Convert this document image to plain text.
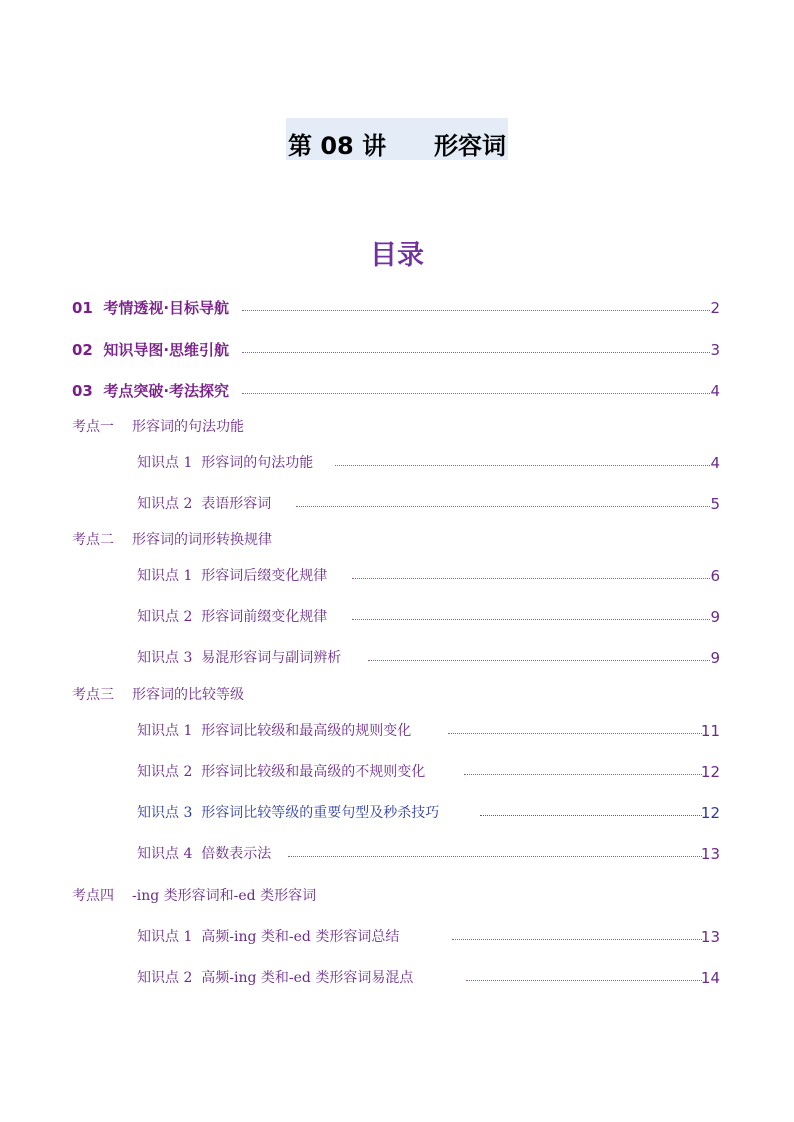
第 08 讲 形容词
目录
01 考情透视·目标导航	2
02 知识导图·思维引航	3
03 考点突破·考法探究	4
考点一 形容词的句法功能
知识点 1 形容词的句法功能	4
知识点 2 表语形容词	5
考点二 形容词的词形转换规律
知识点 1 形容词后缀变化规律	6
知识点 2 形容词前缀变化规律	9
知识点 3 易混形容词与副词辨析	9
考点三 形容词的比较等级
知识点 1 形容词比较级和最高级的规则变化	11
知识点 2 形容词比较级和最高级的不规则变化	12
知识点 3 形容词比较等级的重要句型及秒杀技巧	12
知识点 4 倍数表示法	13
考点四 -ing 类形容词和-ed 类形容词
知识点 1 高频-ing 类和-ed 类形容词总结	13
知识点 2 高频-ing 类和-ed 类形容词易混点	14
